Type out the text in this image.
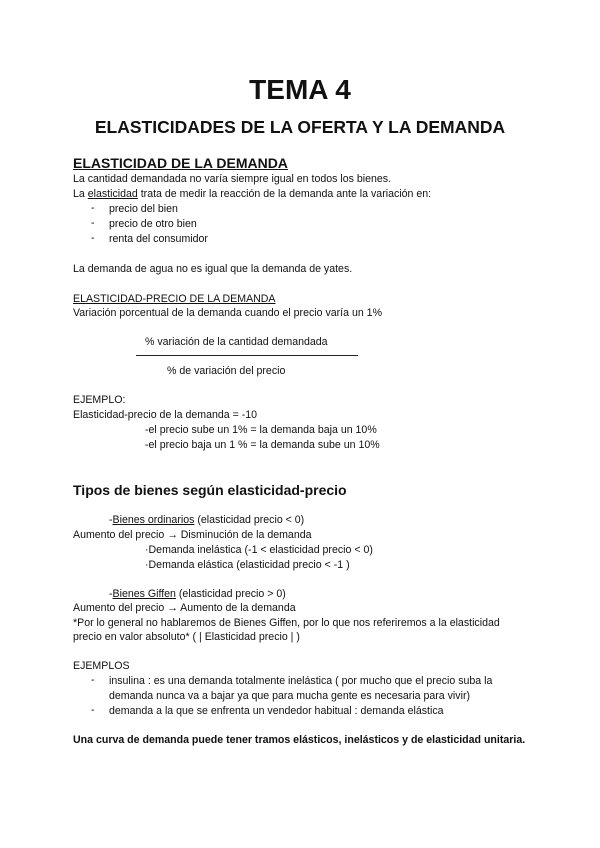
TEMA 4
ELASTICIDADES DE LA OFERTA Y LA DEMANDA
ELASTICIDAD DE LA DEMANDA
La cantidad demandada no varía siempre igual en todos los bienes.
La elasticidad trata de medir la reacción de la demanda ante la variación en:
- precio del bien
- precio de otro bien
- renta del consumidor
La demanda de agua no es igual que la demanda de yates.
ELASTICIDAD-PRECIO DE LA DEMANDA
Variación porcentual de la demanda cuando el precio varía un 1%
% variación de la cantidad demandada
% de variación del precio
EJEMPLO:
Elasticidad-precio de la demanda = -10
-el precio sube un 1% = la demanda baja un 10%
-el precio baja un 1 % = la demanda sube un 10%
Tipos de bienes según elasticidad-precio
-Bienes ordinarios (elasticidad precio < 0)
Aumento del precio → Disminución de la demanda
·Demanda inelástica (-1 < elasticidad precio < 0)
·Demanda elástica (elasticidad precio < -1 )
-Bienes Giffen (elasticidad precio > 0)
Aumento del precio → Aumento de la demanda
*Por lo general no hablaremos de Bienes Giffen, por lo que nos referiremos a la elasticidad
precio en valor absoluto* ( | Elasticidad precio | )
EJEMPLOS
- insulina : es una demanda totalmente inelástica ( por mucho que el precio suba la
demanda nunca va a bajar ya que para mucha gente es necesaria para vivir)
- demanda a la que se enfrenta un vendedor habitual : demanda elástica
Una curva de demanda puede tener tramos elásticos, inelásticos y de elasticidad unitaria.
